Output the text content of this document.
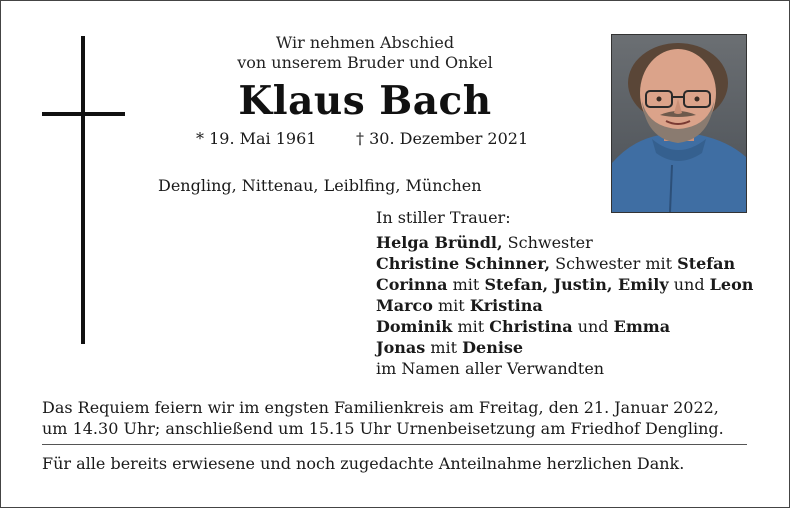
Wir nehmen Abschied
von unserem Bruder und Onkel
Klaus Bach
* 19. Mai 1961 † 30. Dezember 2021
Dengling, Nittenau, Leiblfing, München
In stiller Trauer:
Helga Bründl, Schwester
Christine Schinner, Schwester mit Stefan
Corinna mit Stefan, Justin, Emily und Leon
Marco mit Kristina
Dominik mit Christina und Emma
Jonas mit Denise
im Namen aller Verwandten
Das Requiem feiern wir im engsten Familienkreis am Freitag, den 21. Januar 2022,
um 14.30 Uhr; anschließend um 15.15 Uhr Urnenbeisetzung am Friedhof Dengling.
Für alle bereits erwiesene und noch zugedachte Anteilnahme herzlichen Dank.
